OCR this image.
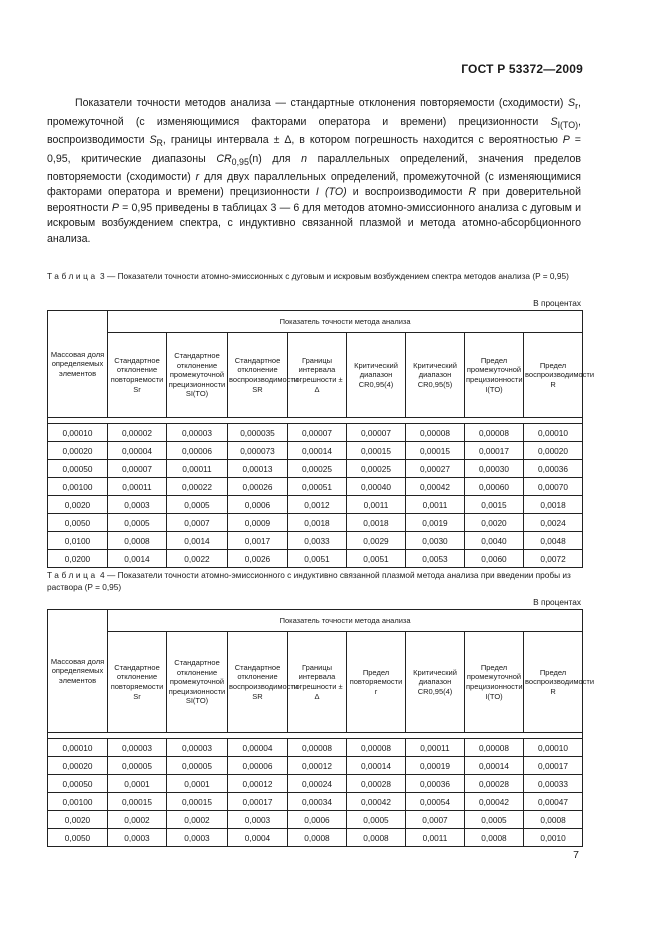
ГОСТ Р 53372—2009
Показатели точности методов анализа — стандартные отклонения повторяемости (сходимости) $S_r$, промежуточной (с изменяющимися факторами оператора и времени) прецизионности $S_{I(TO)}$, воспроизводимости $S_R$, границы интервала ± Δ, в котором погрешность находится с вероятностью P = 0,95, критические диапазоны $CR_{0,95}(n)$ для n параллельных определений, значения пределов повторяемости (сходимости) r для двух параллельных определений, промежуточной (с изменяющимися факторами оператора и времени) прецизионности I (TO) и воспроизводимости R при доверительной вероятности P = 0,95 приведены в таблицах 3 — 6 для методов атомно-эмиссионного анализа с дуговым и искровым возбуждением спектра, с индуктивно связанной плазмой и метода атомно-абсорбционного анализа.
Таблица 3 — Показатели точности атомно-эмиссионных с дуговым и искровым возбуждением спектра методов анализа (P = 0,95)
В процентах
Массовая доля определяемых элементов	Показатель точности метода анализа							
	Стандартное отклонение повторяемости Sr	Стандартное отклонение промежуточной прецизионности SI(TO)	Стандартное отклонение воспроизводимости SR	Границы интервала погрешности ± Δ	Критический диапазон CR0,95(4)	Критический диапазон CR0,95(5)	Предел промежуточной прецизионности I(TO)	Предел воспроизводимости R

0,00010	0,00002	0,00003	0,000035	0,00007	0,00007	0,00008	0,00008	0,00010
0,00020	0,00004	0,00006	0,000073	0,00014	0,00015	0,00015	0,00017	0,00020
0,00050	0,00007	0,00011	0,00013	0,00025	0,00025	0,00027	0,00030	0,00036
0,00100	0,00011	0,00022	0,00026	0,00051	0,00040	0,00042	0,00060	0,00070
0,0020	0,0003	0,0005	0,0006	0,0012	0,0011	0,0011	0,0015	0,0018
0,0050	0,0005	0,0007	0,0009	0,0018	0,0018	0,0019	0,0020	0,0024
0,0100	0,0008	0,0014	0,0017	0,0033	0,0029	0,0030	0,0040	0,0048
0,0200	0,0014	0,0022	0,0026	0,0051	0,0051	0,0053	0,0060	0,0072
Таблица 4 — Показатели точности атомно-эмиссионного с индуктивно связанной плазмой метода анализа при введении пробы из раствора (P = 0,95)
В процентах
Массовая доля определяемых элементов	Показатель точности метода анализа							
	Стандартное отклонение повторяемости Sr	Стандартное отклонение промежуточной прецизионности SI(TO)	Стандартное отклонение воспроизводимости SR	Границы интервала погрешности ± Δ	Предел повторяемости r	Критический диапазон CR0,95(4)	Предел промежуточной прецизионности I(TO)	Предел воспроизводимости R

0,00010	0,00003	0,00003	0,00004	0,00008	0,00008	0,00011	0,00008	0,00010
0,00020	0,00005	0,00005	0,00006	0,00012	0,00014	0,00019	0,00014	0,00017
0,00050	0,0001	0,0001	0,00012	0,00024	0,00028	0,00036	0,00028	0,00033
0,00100	0,00015	0,00015	0,00017	0,00034	0,00042	0,00054	0,00042	0,00047
0,0020	0,0002	0,0002	0,0003	0,0006	0,0005	0,0007	0,0005	0,0008
0,0050	0,0003	0,0003	0,0004	0,0008	0,0008	0,0011	0,0008	0,0010
7
